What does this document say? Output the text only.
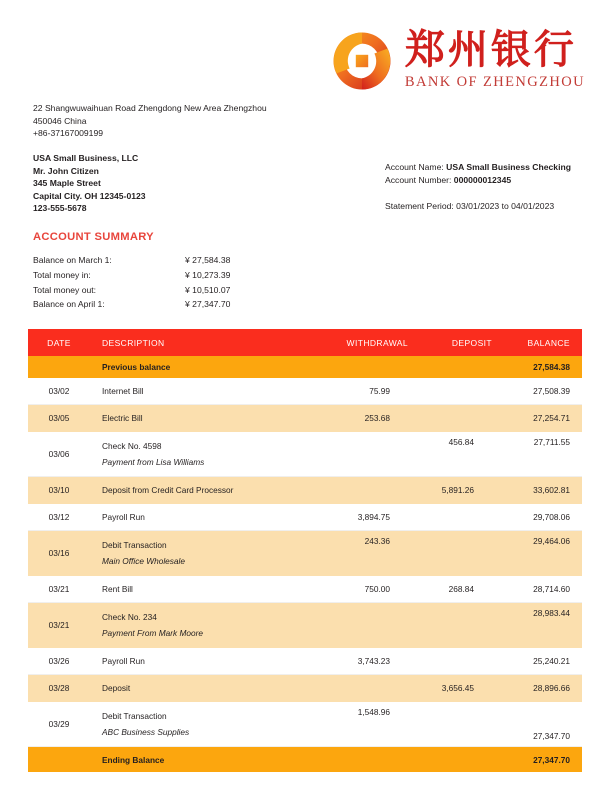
郑州银行
BANK OF ZHENGZHOU
22 Shangwuwaihuan Road Zhengdong New Area Zhengzhou
450046 China
+86-37167009199
USA Small Business, LLC
Mr. John Citizen
345 Maple Street
Capital City. OH 12345-0123
123-555-5678
Account Name: USA Small Business Checking
Account Number: 000000012345
Statement Period: 03/01/2023 to 04/01/2023
ACCOUNT SUMMARY
Balance on March 1:	¥ 27,584.38
Total money in:	¥ 10,273.39
Total money out:	¥ 10,510.07
Balance on April 1:	¥ 27,347.70
DATE	DESCRIPTION	WITHDRAWAL	DEPOSIT	BALANCE
	Previous balance			27,584.38
03/02	Internet Bill	75.99		27,508.39
03/05	Electric Bill	253.68		27,254.71
03/06	Check No. 4598
Payment from Lisa Williams		456.84	27,711.55
03/10	Deposit from Credit Card Processor		5,891.26	33,602.81
03/12	Payroll Run	3,894.75		29,708.06
03/16	Debit Transaction
Main Office Wholesale	243.36		29,464.06
03/21	Rent Bill	750.00	268.84	28,714.60
03/21	Check No. 234
Payment From Mark Moore			28,983.44
03/26	Payroll Run	3,743.23		25,240.21
03/28	Deposit		3,656.45	28,896.66
03/29	Debit Transaction
ABC Business Supplies	1,548.96		27,347.70
	Ending Balance			27,347.70
